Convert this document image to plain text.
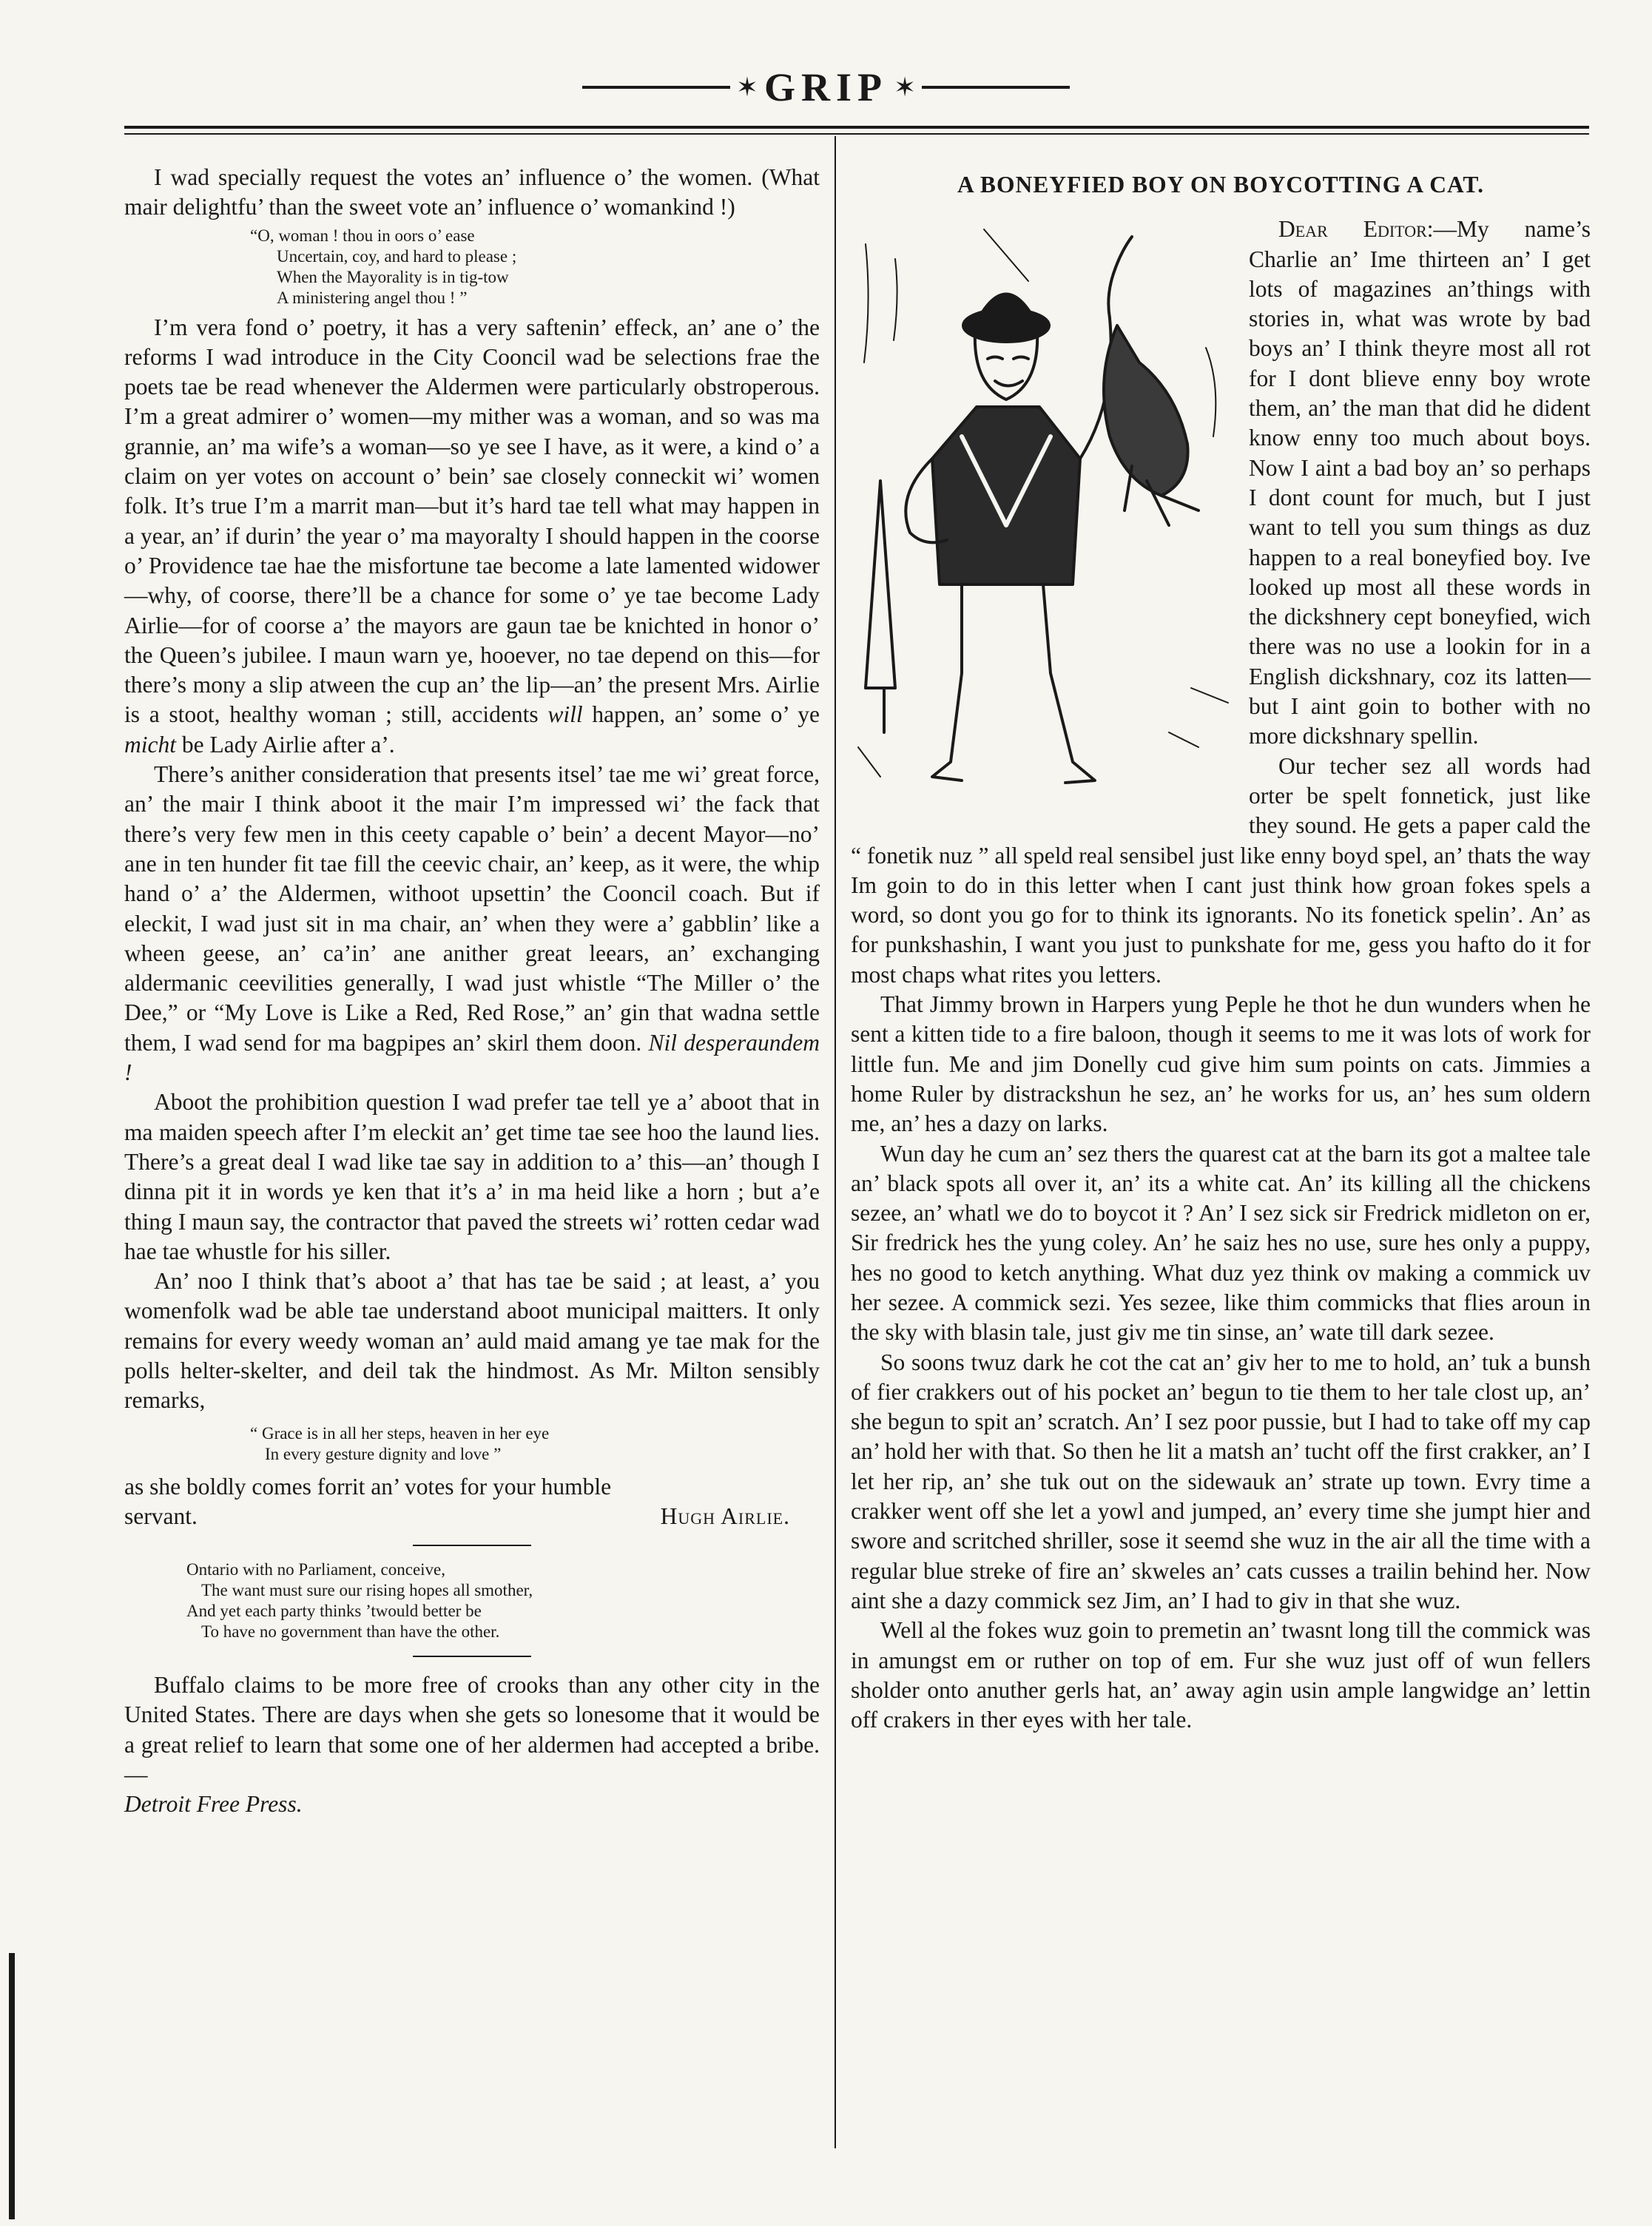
✶ GRIP ✶

I wad specially request the votes an’ influence o’ the women. (What mair delightfu’ than the sweet vote an’ influence o’ womankind !)

“O, woman ! thou in oors o’ ease
Uncertain, coy, and hard to please ;
When the Mayorality is in tig-tow
A ministering angel thou ! ”

I’m vera fond o’ poetry, it has a very saftenin’ effeck, an’ ane o’ the reforms I wad introduce in the City Cooncil wad be selections frae the poets tae be read whenever the Aldermen were particularly obstroperous. I’m a great admirer o’ women—my mither was a woman, and so was ma grannie, an’ ma wife’s a woman—so ye see I have, as it were, a kind o’ a claim on yer votes on account o’ bein’ sae closely conneckit wi’ women folk. It’s true I’m a marrit man—but it’s hard tae tell what may happen in a year, an’ if durin’ the year o’ ma mayoralty I should happen in the coorse o’ Providence tae hae the misfortune tae become a late lamented widower—why, of coorse, there’ll be a chance for some o’ ye tae become Lady Airlie—for of coorse a’ the mayors are gaun tae be knichted in honor o’ the Queen’s jubilee. I maun warn ye, hooever, no tae depend on this—for there’s mony a slip atween the cup an’ the lip—an’ the present Mrs. Airlie is a stoot, healthy woman ; still, accidents will happen, an’ some o’ ye micht be Lady Airlie after a’.

There’s anither consideration that presents itsel’ tae me wi’ great force, an’ the mair I think aboot it the mair I’m impressed wi’ the fack that there’s very few men in this ceety capable o’ bein’ a decent Mayor—no’ ane in ten hunder fit tae fill the ceevic chair, an’ keep, as it were, the whip hand o’ a’ the Aldermen, withoot upsettin’ the Cooncil coach. But if eleckit, I wad just sit in ma chair, an’ when they were a’ gabblin’ like a wheen geese, an’ ca’in’ ane anither great leears, an’ exchanging aldermanic ceevilities generally, I wad just whistle “The Miller o’ the Dee,” or “My Love is Like a Red, Red Rose,” an’ gin that wadna settle them, I wad send for ma bagpipes an’ skirl them doon. Nil desperaundem !

Aboot the prohibition question I wad prefer tae tell ye a’ aboot that in ma maiden speech after I’m eleckit an’ get time tae see hoo the laund lies. There’s a great deal I wad like tae say in addition to a’ this—an’ though I dinna pit it in words ye ken that it’s a’ in ma heid like a horn ; but a’e thing I maun say, the contractor that paved the streets wi’ rotten cedar wad hae tae whustle for his siller.

An’ noo I think that’s aboot a’ that has tae be said ; at least, a’ you womenfolk wad be able tae understand aboot municipal maitters. It only remains for every weedy woman an’ auld maid amang ye tae mak for the polls helter-skelter, and deil tak the hindmost. As Mr. Milton sensibly remarks,

“ Grace is in all her steps, heaven in her eye
In every gesture dignity and love ”

as she boldly comes forrit an’ votes for your humble

servant.	Hugh Airlie.
Ontario with no Parliament, conceive,
The want must sure our rising hopes all smother,
And yet each party thinks ’twould better be
To have no government than have the other.

Buffalo claims to be more free of crooks than any other city in the United States. There are days when she gets so lonesome that it would be a great relief to learn that some one of her aldermen had accepted a bribe.—
Detroit Free Press.

A BONEYFIED BOY ON BOYCOTTING A CAT.
Dear Editor:—My name’s Charlie an’ Ime thirteen an’ I get lots of magazines an’things with stories in, what was wrote by bad boys an’ I think theyre most all rot for I dont blieve enny boy wrote them, an’ the man that did he dident know enny too much about boys. Now I aint a bad boy an’ so perhaps I dont count for much, but I just want to tell you sum things as duz happen to a real boneyfied boy. Ive looked up most all these words in the dickshnery cept boneyfied, wich there was no use a lookin for in a English dickshnary, coz its latten—but I aint goin to bother with no more dickshnary spellin.

Our techer sez all words had orter be spelt fonnetick, just like they sound. He gets a paper cald the “ fonetik nuz ” all speld real sensibel just like enny boyd spel, an’ thats the way Im goin to do in this letter when I cant just think how groan fokes spels a word, so dont you go for to think its ignorants. No its fonetick spelin’. An’ as for punkshashin, I want you just to punkshate for me, gess you hafto do it for most chaps what rites you letters.

That Jimmy brown in Harpers yung Peple he thot he dun wunders when he sent a kitten tide to a fire baloon, though it seems to me it was lots of work for little fun. Me and jim Donelly cud give him sum points on cats. Jimmies a home Ruler by distrackshun he sez, an’ he works for us, an’ hes sum oldern me, an’ hes a dazy on larks.

Wun day he cum an’ sez thers the quarest cat at the barn its got a maltee tale an’ black spots all over it, an’ its a white cat. An’ its killing all the chickens sezee, an’ whatl we do to boycot it ? An’ I sez sick sir Fredrick midleton on er, Sir fredrick hes the yung coley. An’ he saiz hes no use, sure hes only a puppy, hes no good to ketch anything. What duz yez think ov making a commick uv her sezee. A commick sezi. Yes sezee, like thim commicks that flies aroun in the sky with blasin tale, just giv me tin sinse, an’ wate till dark sezee.

So soons twuz dark he cot the cat an’ giv her to me to hold, an’ tuk a bunsh of fier crakkers out of his pocket an’ begun to tie them to her tale clost up, an’ she begun to spit an’ scratch. An’ I sez poor pussie, but I had to take off my cap an’ hold her with that. So then he lit a matsh an’ tucht off the first crakker, an’ I let her rip, an’ she tuk out on the sidewauk an’ strate up town. Evry time a crakker went off she let a yowl and jumped, an’ every time she jumpt hier and swore and scritched shriller, sose it seemd she wuz in the air all the time with a regular blue streke of fire an’ skweles an’ cats cusses a trailin behind her. Now aint she a dazy commick sez Jim, an’ I had to giv in that she wuz.

Well al the fokes wuz goin to premetin an’ twasnt long till the commick was in amungst em or ruther on top of em. Fur she wuz just off of wun fellers sholder onto anuther gerls hat, an’ away agin usin ample langwidge an’ lettin off crakers in ther eyes with her tale.
